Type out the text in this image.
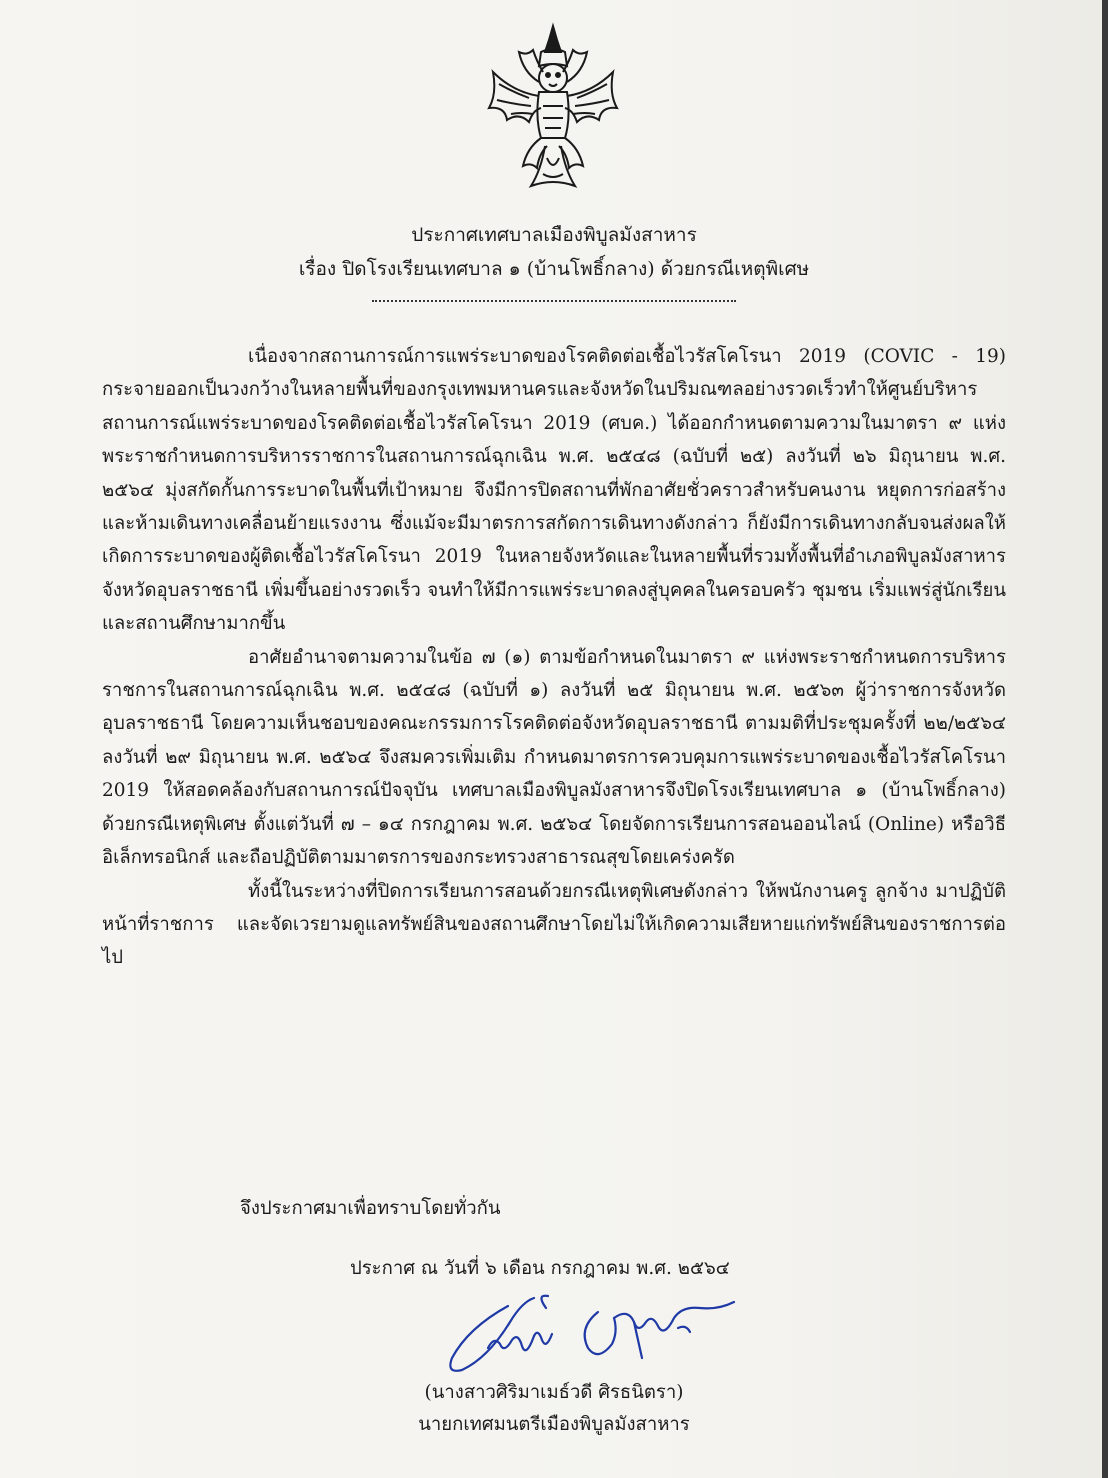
ประกาศเทศบาลเมืองพิบูลมังสาหาร
เรื่อง ปิดโรงเรียนเทศบาล ๑ (บ้านโพธิ์กลาง) ด้วยกรณีเหตุพิเศษ

เนื่องจากสถานการณ์การแพร่ระบาดของโรคติดต่อเชื้อไวรัสโคโรนา 2019 (COVIC - 19) กระจายออกเป็นวงกว้างในหลายพื้นที่ของกรุงเทพมหานครและจังหวัดในปริมณฑลอย่างรวดเร็วทำให้ศูนย์บริหารสถานการณ์แพร่ระบาดของโรคติดต่อเชื้อไวรัสโคโรนา 2019 (ศบค.) ได้ออกกำหนดตามความในมาตรา ๙ แห่งพระราชกำหนดการบริหารราชการในสถานการณ์ฉุกเฉิน พ.ศ. ๒๕๔๘ (ฉบับที่ ๒๕) ลงวันที่ ๒๖ มิถุนายน พ.ศ. ๒๕๖๔ มุ่งสกัดกั้นการระบาดในพื้นที่เป้าหมาย จึงมีการปิดสถานที่พักอาศัยชั่วคราวสำหรับคนงาน หยุดการก่อสร้างและห้ามเดินทางเคลื่อนย้ายแรงงาน ซึ่งแม้จะมีมาตรการสกัดการเดินทางดังกล่าว ก็ยังมีการเดินทางกลับจนส่งผลให้เกิดการระบาดของผู้ติดเชื้อไวรัสโคโรนา 2019 ในหลายจังหวัดและในหลายพื้นที่รวมทั้งพื้นที่อำเภอพิบูลมังสาหาร จังหวัดอุบลราชธานี เพิ่มขึ้นอย่างรวดเร็ว จนทำให้มีการแพร่ระบาดลงสู่บุคคลในครอบครัว ชุมชน เริ่มแพร่สู่นักเรียนและสถานศึกษามากขึ้น

อาศัยอำนาจตามความในข้อ ๗ (๑) ตามข้อกำหนดในมาตรา ๙ แห่งพระราชกำหนดการบริหารราชการในสถานการณ์ฉุกเฉิน พ.ศ. ๒๕๔๘ (ฉบับที่ ๑) ลงวันที่ ๒๕ มิถุนายน พ.ศ. ๒๕๖๓ ผู้ว่าราชการจังหวัดอุบลราชธานี โดยความเห็นชอบของคณะกรรมการโรคติดต่อจังหวัดอุบลราชธานี ตามมติที่ประชุมครั้งที่ ๒๒/๒๕๖๔ ลงวันที่ ๒๙ มิถุนายน พ.ศ. ๒๕๖๔ จึงสมควรเพิ่มเติม กำหนดมาตรการควบคุมการแพร่ระบาดของเชื้อไวรัสโคโรนา 2019 ให้สอดคล้องกับสถานการณ์ปัจจุบัน เทศบาลเมืองพิบูลมังสาหารจึงปิดโรงเรียนเทศบาล ๑ (บ้านโพธิ์กลาง) ด้วยกรณีเหตุพิเศษ ตั้งแต่วันที่ ๗ – ๑๔ กรกฎาคม พ.ศ. ๒๕๖๔ โดยจัดการเรียนการสอนออนไลน์ (Online) หรือวิธีอิเล็กทรอนิกส์ และถือปฏิบัติตามมาตรการของกระทรวงสาธารณสุขโดยเคร่งครัด

ทั้งนี้ในระหว่างที่ปิดการเรียนการสอนด้วยกรณีเหตุพิเศษดังกล่าว ให้พนักงานครู ลูกจ้าง มาปฏิบัติหน้าที่ราชการ และจัดเวรยามดูแลทรัพย์สินของสถานศึกษาโดยไม่ให้เกิดความเสียหายแก่ทรัพย์สินของราชการต่อไป

จึงประกาศมาเพื่อทราบโดยทั่วกัน
ประกาศ ณ วันที่ ๖ เดือน กรกฎาคม พ.ศ. ๒๕๖๔
(นางสาวศิริมาเมธ์วดี ศิรธนิตรา)
นายกเทศมนตรีเมืองพิบูลมังสาหาร
